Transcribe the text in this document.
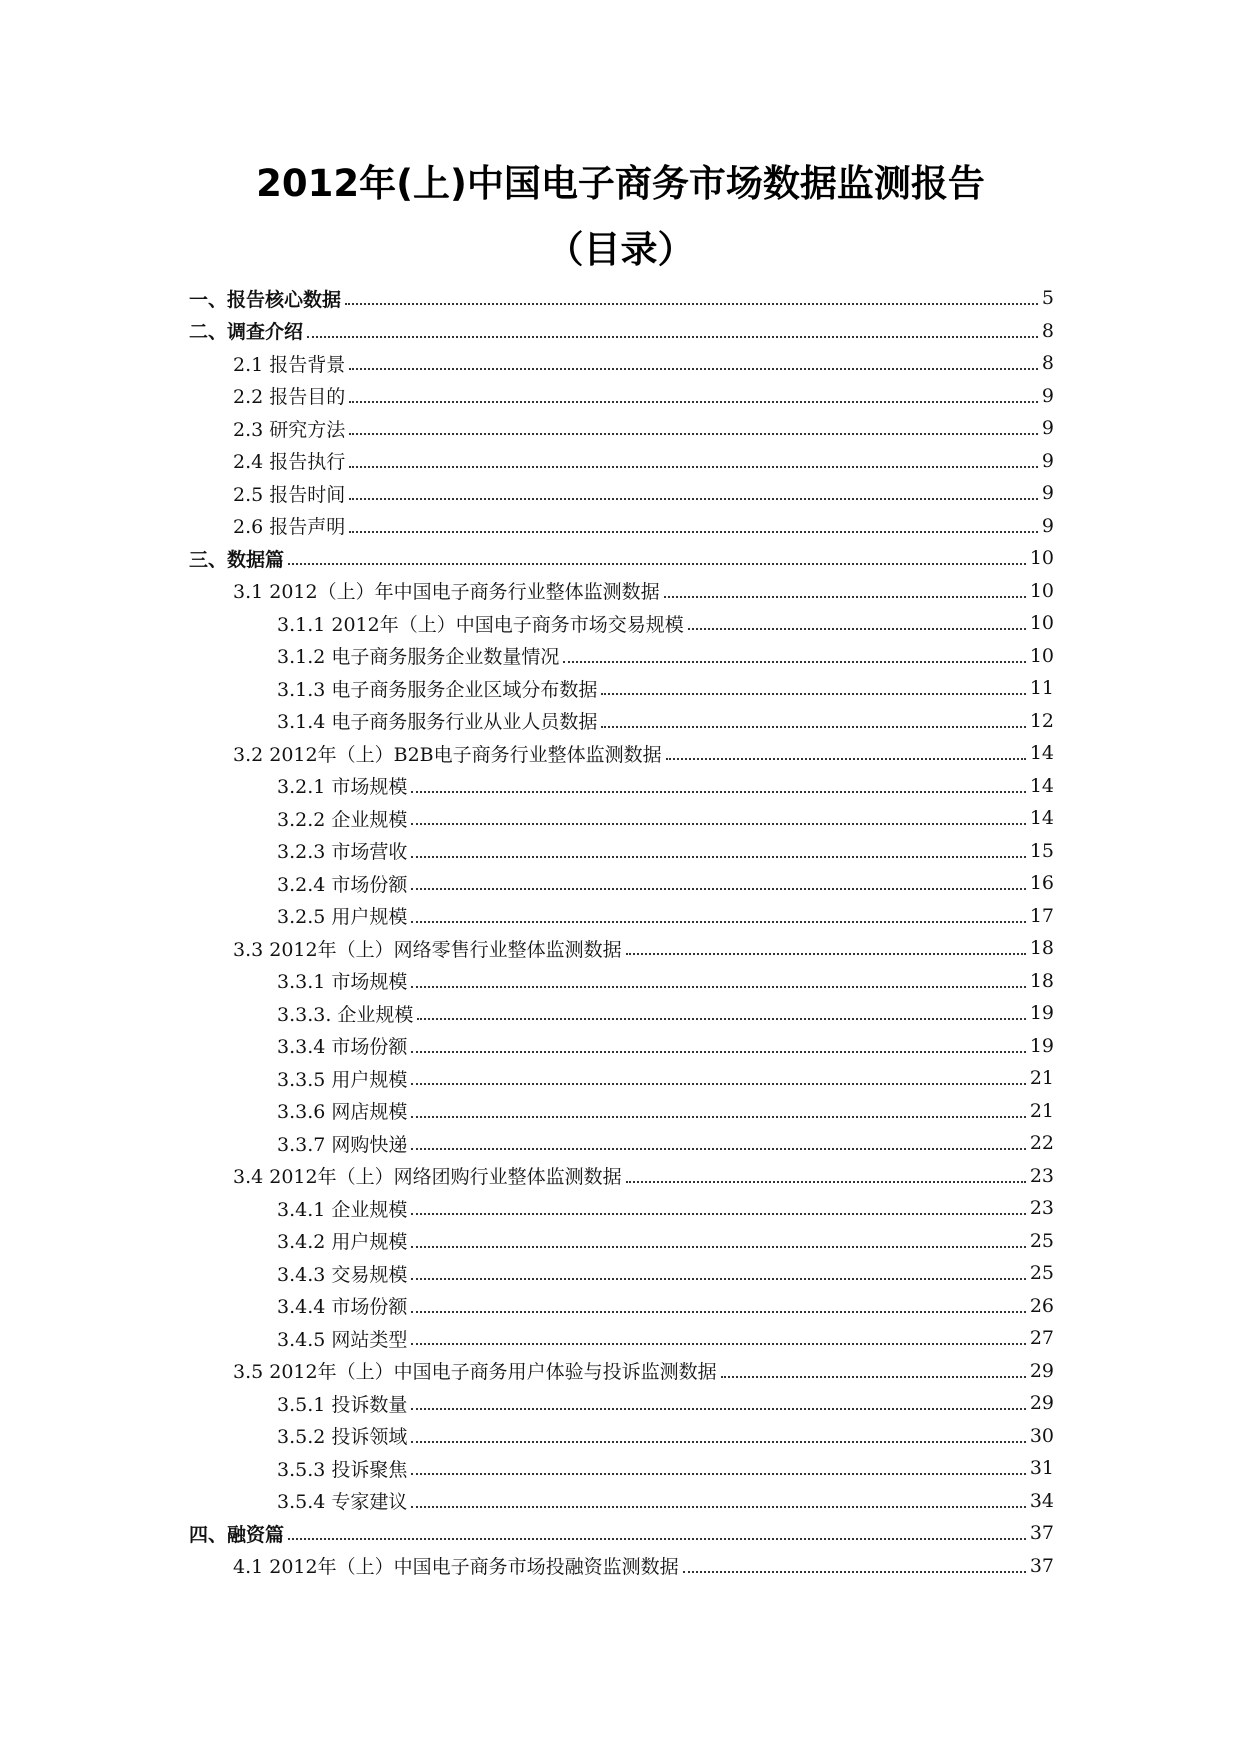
2012年(上)中国电子商务市场数据监测报告
（目录）
一、报告核心数据	5
二、调查介绍	8
2.1 报告背景	8
2.2 报告目的	9
2.3 研究方法	9
2.4 报告执行	9
2.5 报告时间	9
2.6 报告声明	9
三、数据篇	10
3.1 2012（上）年中国电子商务行业整体监测数据	10
3.1.1 2012年（上）中国电子商务市场交易规模	10
3.1.2 电子商务服务企业数量情况	10
3.1.3 电子商务服务企业区域分布数据	11
3.1.4 电子商务服务行业从业人员数据	12
3.2 2012年（上）B2B电子商务行业整体监测数据	14
3.2.1 市场规模	14
3.2.2 企业规模	14
3.2.3 市场营收	15
3.2.4 市场份额	16
3.2.5 用户规模	17
3.3 2012年（上）网络零售行业整体监测数据	18
3.3.1 市场规模	18
3.3.3. 企业规模	19
3.3.4 市场份额	19
3.3.5 用户规模	21
3.3.6 网店规模	21
3.3.7 网购快递	22
3.4 2012年（上）网络团购行业整体监测数据	23
3.4.1 企业规模	23
3.4.2 用户规模	25
3.4.3 交易规模	25
3.4.4 市场份额	26
3.4.5 网站类型	27
3.5 2012年（上）中国电子商务用户体验与投诉监测数据	29
3.5.1 投诉数量	29
3.5.2 投诉领域	30
3.5.3 投诉聚焦	31
3.5.4 专家建议	34
四、融资篇	37
4.1 2012年（上）中国电子商务市场投融资监测数据	37
